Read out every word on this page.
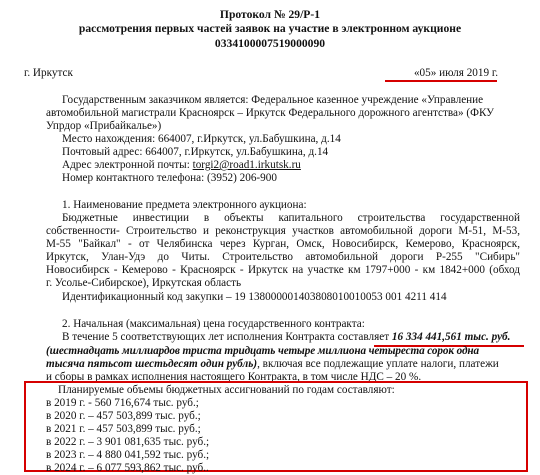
Протокол № 29/Р-1
рассмотрения первых частей заявок на участие в электронном аукционе
0334100007519000090
г. Иркутск	«05» июля 2019 г.
Государственным заказчиком является: Федеральное казенное учреждение «Управление
автомобильной магистрали Красноярск – Иркутск Федерального дорожного агентства» (ФКУ
Упрдор «Прибайкалье»)
Место нахождения: 664007, г.Иркутск, ул.Бабушкина, д.14
Почтовый адрес: 664007, г.Иркутск, ул.Бабушкина, д.14
Адрес электронной почты: torgi2@road1.irkutsk.ru
Номер контактного телефона: (3952) 206-900
1. Наименование предмета электронного аукциона:
Бюджетные инвестиции в объекты капитального строительства государственной
собственности- Строительство и реконструкция участков автомобильной дороги М-51, М-53,
М-55 "Байкал" - от Челябинска через Курган, Омск, Новосибирск, Кемерово, Красноярск,
Иркутск, Улан-Удэ до Читы. Строительство автомобильной дороги Р-255 "Сибирь"
Новосибирск - Кемерово - Красноярск - Иркутск на участке км 1797+000 - км 1842+000 (обход
г. Усолье-Сибирское), Иркутская область
Идентификационный код закупки – 19 138000001403808010010053 001 4211 414
2. Начальная (максимальная) цена государственного контракта:
В течение 5 соответствующих лет исполнения Контракта составляет 16 334 441,561 тыс. руб.
(шестнадцать миллиардов триста тридцать четыре миллиона четыреста сорок одна
тысяча пятьсот шестьдесят один рубль), включая все подлежащие уплате налоги, платежи
и сборы в рамках исполнения настоящего Контракта, в том числе НДС – 20 %.
Планируемые объемы бюджетных ассигнований по годам составляют:
в 2019 г. - 560 716,674 тыс. руб.;
в 2020 г. – 457 503,899 тыс. руб.;
в 2021 г. – 457 503,899 тыс. руб.;
в 2022 г. – 3 901 081,635 тыс. руб.;
в 2023 г. – 4 880 041,592 тыс. руб.;
в 2024 г. – 6 077 593,862 тыс. руб..
